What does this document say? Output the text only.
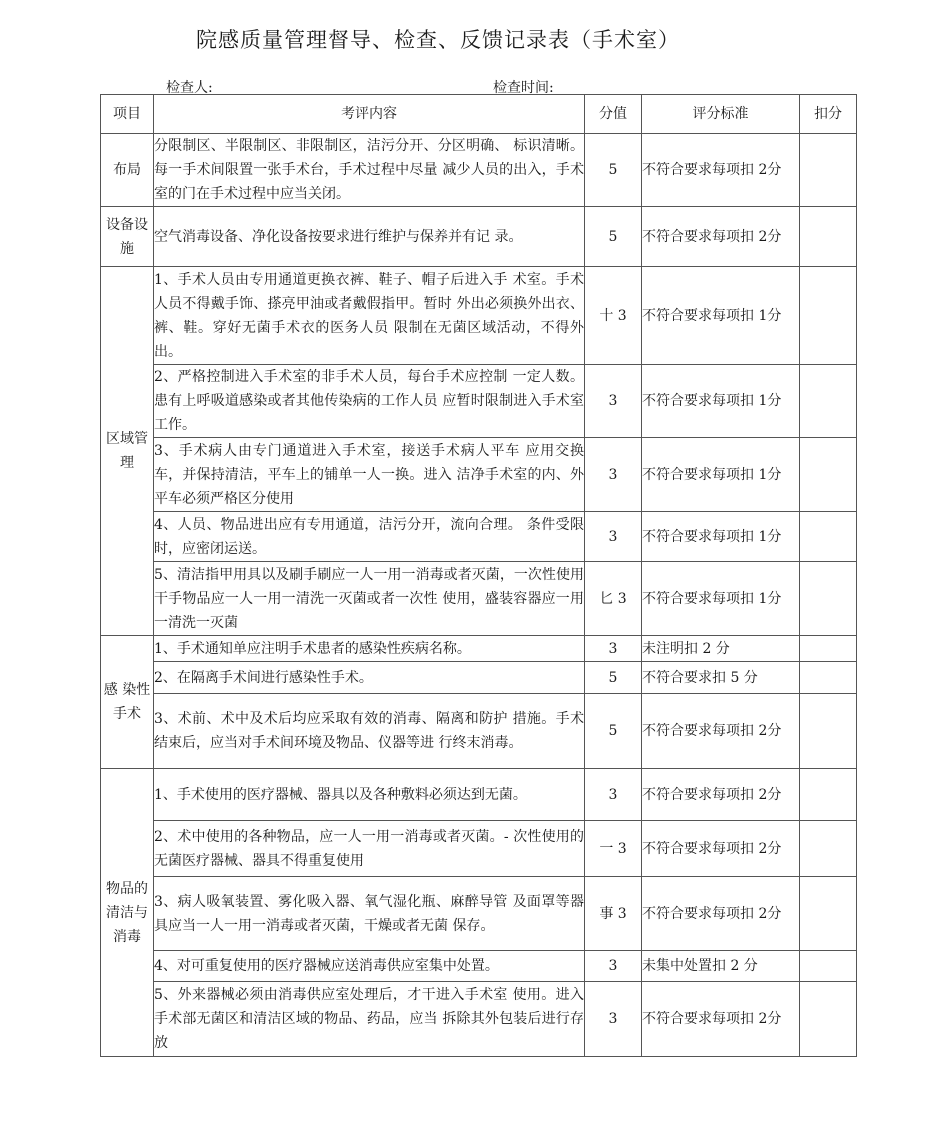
院感质量管理督导、检查、反馈记录表（手术室）
检查人:	检查时间:
项目	考评内容	分值	评分标准	扣分
布局	分限制区、半限制区、非限制区，洁污分开、分区明确、 标识清晰。每一手术间限置一张手术台，手术过程中尽量 减少人员的出入，手术室的门在手术过程中应当关闭。	5	不符合要求每项扣 2分	
设备设施	空气消毒设备、净化设备按要求进行维护与保养并有记 录。	5	不符合要求每项扣 2分	
区域管理	1、手术人员由专用通道更换衣裤、鞋子、帽子后进入手 术室。手术人员不得戴手饰、搽亮甲油或者戴假指甲。暂时 外出必须换外出衣、裤、鞋。穿好无菌手术衣的医务人员 限制在无菌区域活动，不得外出。	十 3	不符合要求每项扣 1分	
	2、严格控制进入手术室的非手术人员，每台手术应控制 一定人数。患有上呼吸道感染或者其他传染病的工作人员 应暂时限制进入手术室工作。	3	不符合要求每项扣 1分	
	3、手术病人由专门通道进入手术室，接送手术病人平车 应用交换车，并保持清洁，平车上的铺单一人一换。进入 洁净手术室的内、外平车必须严格区分使用	3	不符合要求每项扣 1分	
	4、人员、物品进出应有专用通道，洁污分开，流向合理。 条件受限时，应密闭运送。	3	不符合要求每项扣 1分	
	5、清洁指甲用具以及刷手刷应一人一用一消毒或者灭菌，一次性使用干手物品应一人一用一清洗一灭菌或者一次性 使用，盛装容器应一用一清洗一灭菌	匕 3	不符合要求每项扣 1分	
感 染性 手术	1、手术通知单应注明手术患者的感染性疾病名称。	3	未注明扣 2 分	
	2、在隔离手术间进行感染性手术。	5	不符合要求扣 5 分	
	3、术前、术中及术后均应采取有效的消毒、隔离和防护 措施。手术结束后，应当对手术间环境及物品、仪器等进 行终末消毒。	5	不符合要求每项扣 2分	
物品的清洁与消毒	1、手术使用的医疗器械、器具以及各种敷料必须达到无菌。	3	不符合要求每项扣 2分	
	2、术中使用的各种物品，应一人一用一消毒或者灭菌。- 次性使用的无菌医疗器械、器具不得重复使用	一 3	不符合要求每项扣 2分	
	3、病人吸氧装置、雾化吸入器、氧气湿化瓶、麻醉导管 及面罩等器具应当一人一用一消毒或者灭菌，干燥或者无菌 保存。	事 3	不符合要求每项扣 2分	
	4、对可重复使用的医疗器械应送消毒供应室集中处置。	3	未集中处置扣 2 分	
	5、外来器械必须由消毒供应室处理后，才干进入手术室 使用。进入手术部无菌区和清洁区域的物品、药品，应当 拆除其外包装后进行存放	3	不符合要求每项扣 2分	
